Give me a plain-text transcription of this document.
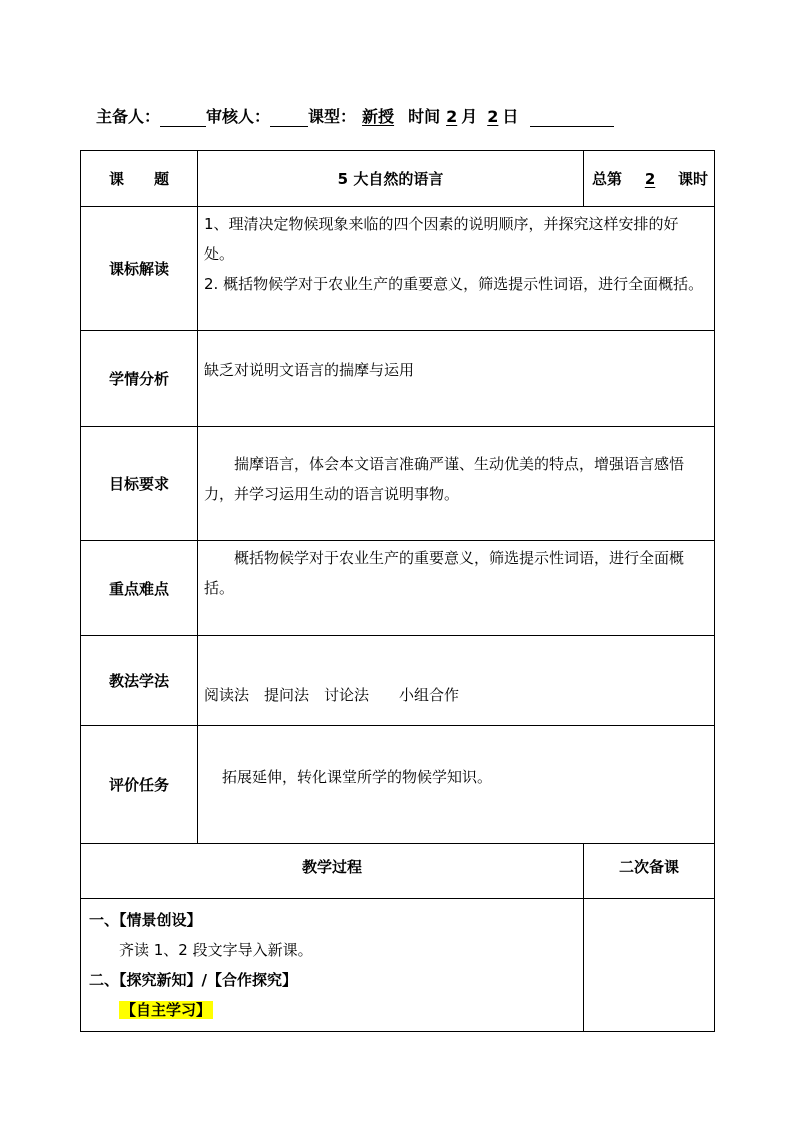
主备人：	审核人： 课型： 新授 时间 2 月 2 日
课　　题	5 大自然的语言	总第 2 课时
课标解读	1、理清决定物候现象来临的四个因素的说明顺序，并探究这样安排的好处。
2. 概括物候学对于农业生产的重要意义，筛选提示性词语，进行全面概括。	

学情分析	缺乏对说明文语言的揣摩与运用	
目标要求	揣摩语言，体会本文语言准确严谨、生动优美的特点，增强语言感悟力，并学习运用生动的语言说明事物。	
重点难点	概括物候学对于农业生产的重要意义，筛选提示性词语，进行全面概括。	
教法学法	阅读法　提问法　讨论法　　小组合作	
评价任务	拓展延伸，转化课堂所学的物候学知识。	
教学过程		二次备课

一、【情景创设】
齐读 1、2 段文字导入新课。
二、【探究新知】/【合作探究】
【自主学习】		
